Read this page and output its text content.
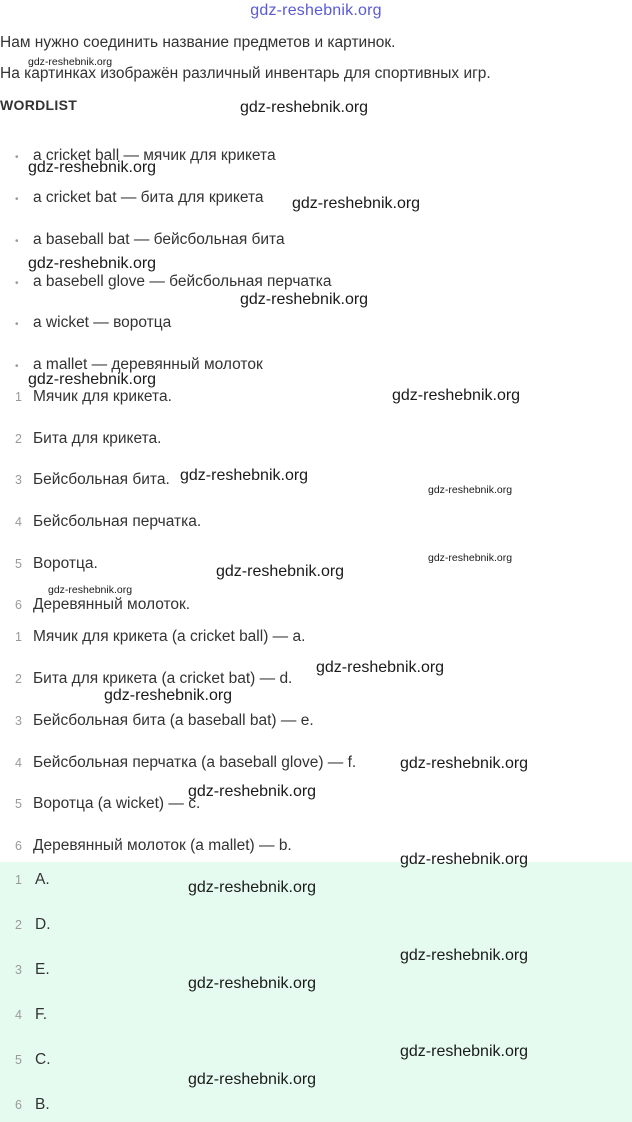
gdz-reshebnik.org
Нам нужно соединить название предметов и картинок.
На картинках изображён различный инвентарь для спортивных игр.
WORDLIST
• a cricket ball — мячик для крикета
• a cricket bat — бита для крикета
• a baseball bat — бейсбольная бита
• a basebell glove — бейсбольная перчатка
• a wicket — воротца
• a mallet — деревянный молоток
1 Мячик для крикета.
2 Бита для крикета.
3 Бейсбольная бита.
4 Бейсбольная перчатка.
5 Воротца.
6 Деревянный молоток.
1 Мячик для крикета (a cricket ball) — a.
2 Бита для крикета (a cricket bat) — d.
3 Бейсбольная бита (a baseball bat) — e.
4 Бейсбольная перчатка (a baseball glove) — f.
5 Воротца (a wicket) — c.
6 Деревянный молоток (a mallet) — b.
1 A.
2 D.
3 E.
4 F.
5 C.
6 B.
gdz-reshebnik.org
gdz-reshebnik.org
gdz-reshebnik.org
gdz-reshebnik.org
gdz-reshebnik.org
gdz-reshebnik.org
gdz-reshebnik.org
gdz-reshebnik.org
gdz-reshebnik.org
gdz-reshebnik.org
gdz-reshebnik.org
gdz-reshebnik.org
gdz-reshebnik.org
gdz-reshebnik.org
gdz-reshebnik.org
gdz-reshebnik.org
gdz-reshebnik.org
gdz-reshebnik.org
gdz-reshebnik.org
gdz-reshebnik.org
gdz-reshebnik.org
gdz-reshebnik.org
gdz-reshebnik.org
